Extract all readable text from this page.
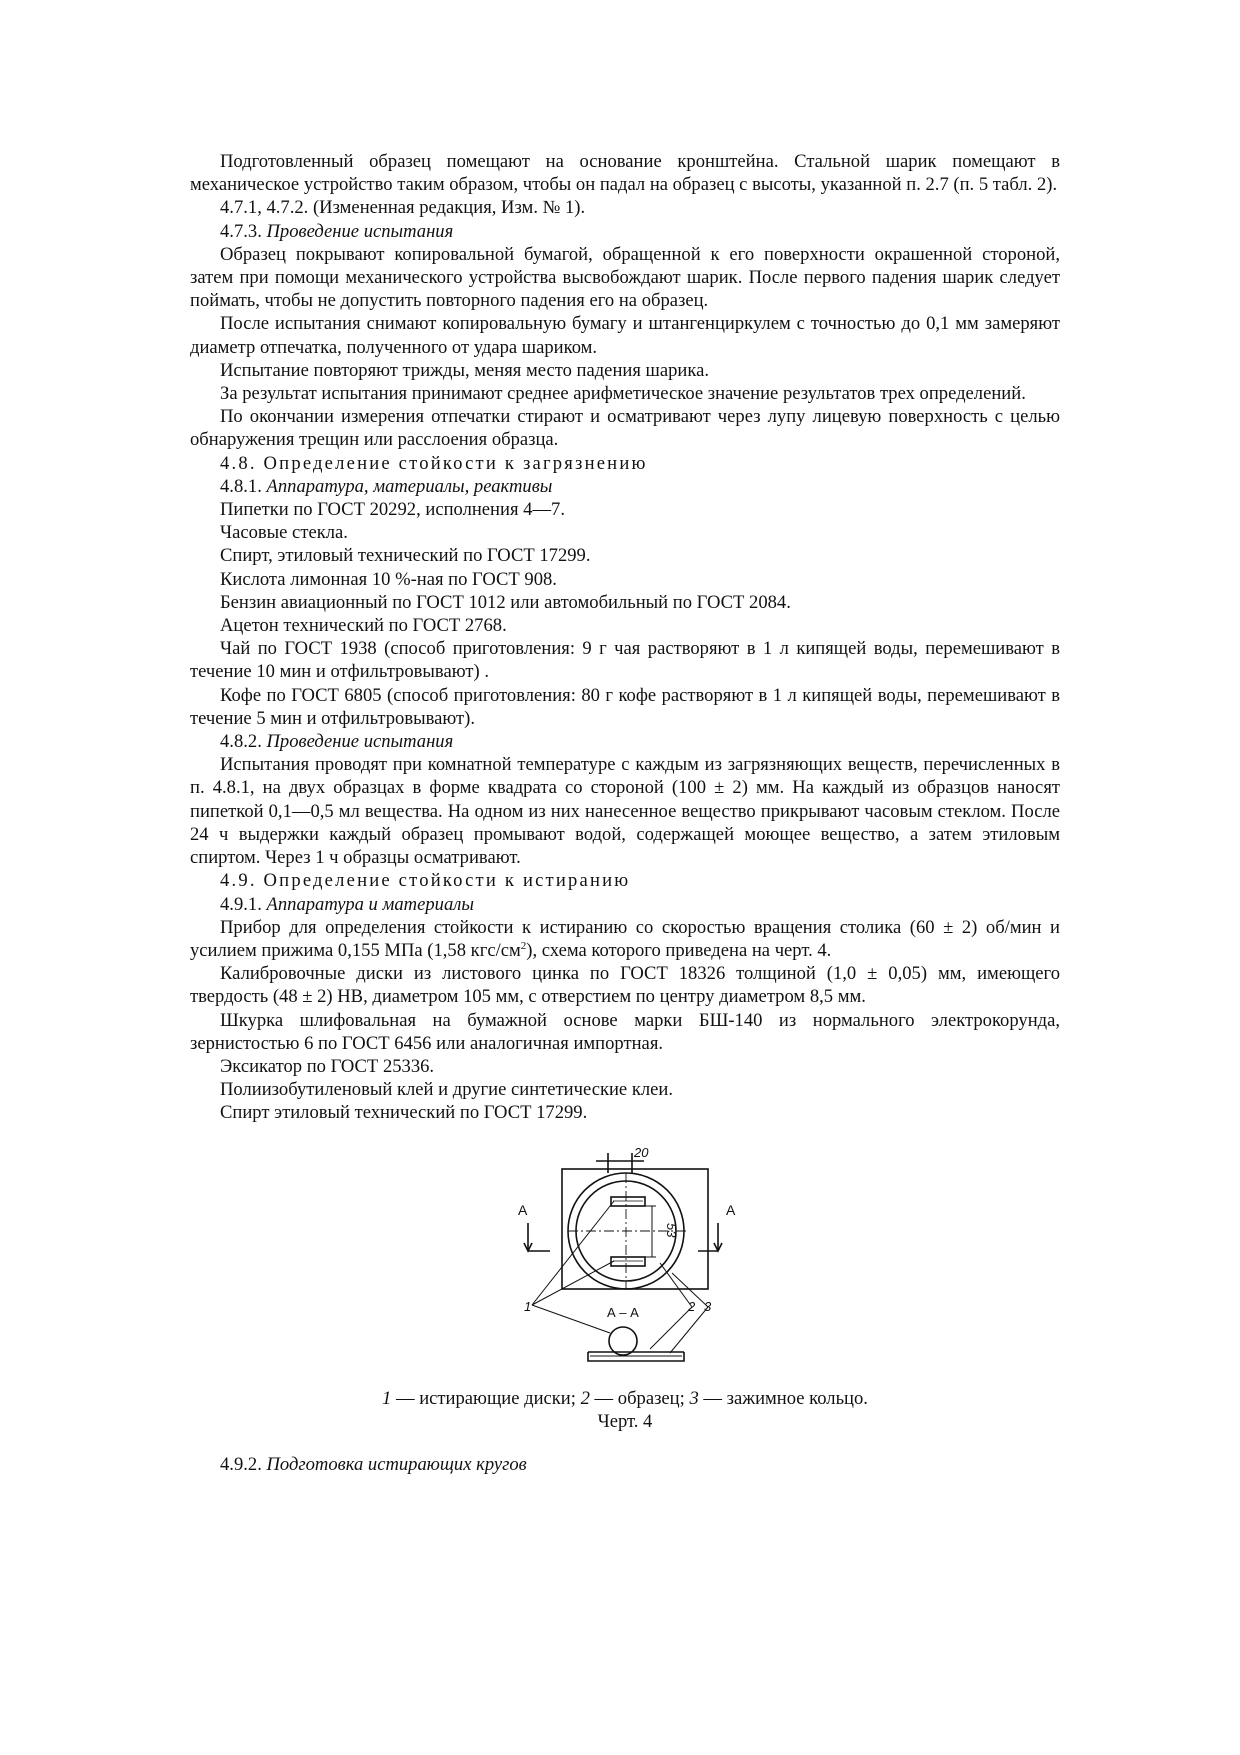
Подготовленный образец помещают на основание кронштейна. Стальной шарик помещают в механическое устройство таким образом, чтобы он падал на образец с высоты, указанной п. 2.7 (п. 5 табл. 2).

4.7.1, 4.7.2. (Измененная редакция, Изм. № 1).

4.7.3. Проведение испытания

Образец покрывают копировальной бумагой, обращенной к его поверхности окрашенной стороной, затем при помощи механического устройства высвобождают шарик. После первого падения шарик следует поймать, чтобы не допустить повторного падения его на образец.

После испытания снимают копировальную бумагу и штангенциркулем с точностью до 0,1 мм замеряют диаметр отпечатка, полученного от удара шариком.

Испытание повторяют трижды, меняя место падения шарика.

За результат испытания принимают среднее арифметическое значение результатов трех определений.

По окончании измерения отпечатки стирают и осматривают через лупу лицевую поверхность с целью обнаружения трещин или расслоения образца.

4.8. Определение стойкости к загрязнению

4.8.1. Аппаратура, материалы, реактивы

Пипетки по ГОСТ 20292, исполнения 4—7.

Часовые стекла.

Спирт, этиловый технический по ГОСТ 17299.

Кислота лимонная 10 %-ная по ГОСТ 908.

Бензин авиационный по ГОСТ 1012 или автомобильный по ГОСТ 2084.

Ацетон технический по ГОСТ 2768.

Чай по ГОСТ 1938 (способ приготовления: 9 г чая растворяют в 1 л кипящей воды, перемешивают в течение 10 мин и отфильтровывают) .

Кофе по ГОСТ 6805 (способ приготовления: 80 г кофе растворяют в 1 л кипящей воды, перемешивают в течение 5 мин и отфильтровывают).

4.8.2. Проведение испытания

Испытания проводят при комнатной температуре с каждым из загрязняющих веществ, перечисленных в п. 4.8.1, на двух образцах в форме квадрата со стороной (100 ± 2) мм. На каждый из образцов наносят пипеткой 0,1—0,5 мл вещества. На одном из них нанесенное вещество прикрывают часовым стеклом. После 24 ч выдержки каждый образец промывают водой, содержащей моющее вещество, а затем этиловым спиртом. Через 1 ч образцы осматривают.

4.9. Определение стойкости к истиранию

4.9.1. Аппаратура и материалы

Прибор для определения стойкости к истиранию со скоростью вращения столика (60 ± 2) об/мин и усилием прижима 0,155 МПа (1,58 кгс/$см^2$), схема которого приведена на черт. 4.

Калибровочные диски из листового цинка по ГОСТ 18326 толщиной (1,0 ± 0,05) мм, имеющего твердость (48 ± 2) HB, диаметром 105 мм, с отверстием по центру диаметром 8,5 мм.

Шкурка шлифовальная на бумажной основе марки БШ-140 из нормального электрокорунда, зернистостью 6 по ГОСТ 6456 или аналогичная импортная.

Эксикатор по ГОСТ 25336.

Полиизобутиленовый клей и другие синтетические клеи.

Спирт этиловый технический по ГОСТ 17299.

20
53
A	A
А – А
1	2 3

1 — истирающие диски; 2 — образец; 3 — зажимное кольцо.

Черт. 4

4.9.2. Подготовка истирающих кругов
